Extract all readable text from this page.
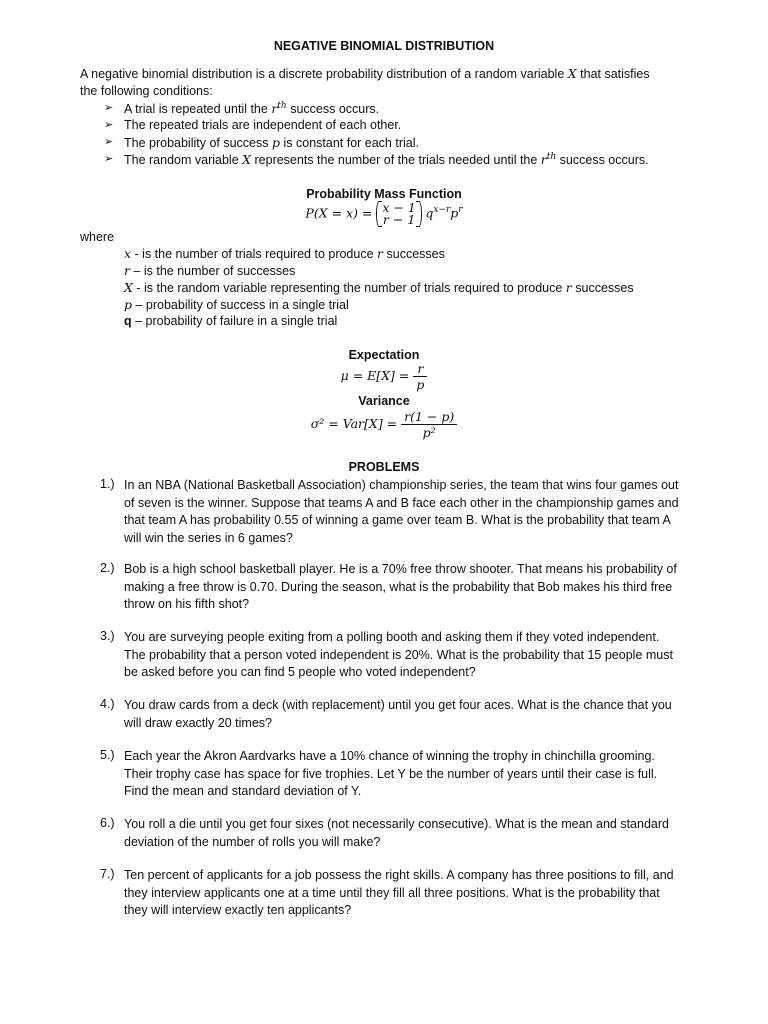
NEGATIVE BINOMIAL DISTRIBUTION
A negative binomial distribution is a discrete probability distribution of a random variable X that satisfies
the following conditions:
➢ A trial is repeated until the $r^{th}$ success occurs.
➢ The repeated trials are independent of each other.
➢ The probability of success p is constant for each trial.
➢ The random variable X represents the number of the trials needed until the $r^{th}$ success occurs.
Probability Mass Function
P(X = x) = x − 1
r − 1 $q^{x-r}p^r$
where
x - is the number of trials required to produce r successes
r – is the number of successes
X - is the random variable representing the number of trials required to produce r successes
p – probability of success in a single trial
q – probability of failure in a single trial
Expectation
$\mu = E[X] = \frac{r}{p}$
Variance
$\sigma^2 = Var[X] = \frac{r(1 - p)}{\text{p²}}$
PROBLEMS
1.) In an NBA (National Basketball Association) championship series, the team that wins four games out
of seven is the winner. Suppose that teams A and B face each other in the championship games and
that team A has probability 0.55 of winning a game over team B. What is the probability that team A
will win the series in 6 games?
2.) Bob is a high school basketball player. He is a 70% free throw shooter. That means his probability of
making a free throw is 0.70. During the season, what is the probability that Bob makes his third free
throw on his fifth shot?
3.) You are surveying people exiting from a polling booth and asking them if they voted independent.
The probability that a person voted independent is 20%. What is the probability that 15 people must
be asked before you can find 5 people who voted independent?
4.) You draw cards from a deck (with replacement) until you get four aces. What is the chance that you
will draw exactly 20 times?
5.) Each year the Akron Aardvarks have a 10% chance of winning the trophy in chinchilla grooming.
Their trophy case has space for five trophies. Let Y be the number of years until their case is full.
Find the mean and standard deviation of Y.
6.) You roll a die until you get four sixes (not necessarily consecutive). What is the mean and standard
deviation of the number of rolls you will make?
7.) Ten percent of applicants for a job possess the right skills. A company has three positions to fill, and
they interview applicants one at a time until they fill all three positions. What is the probability that
they will interview exactly ten applicants?
